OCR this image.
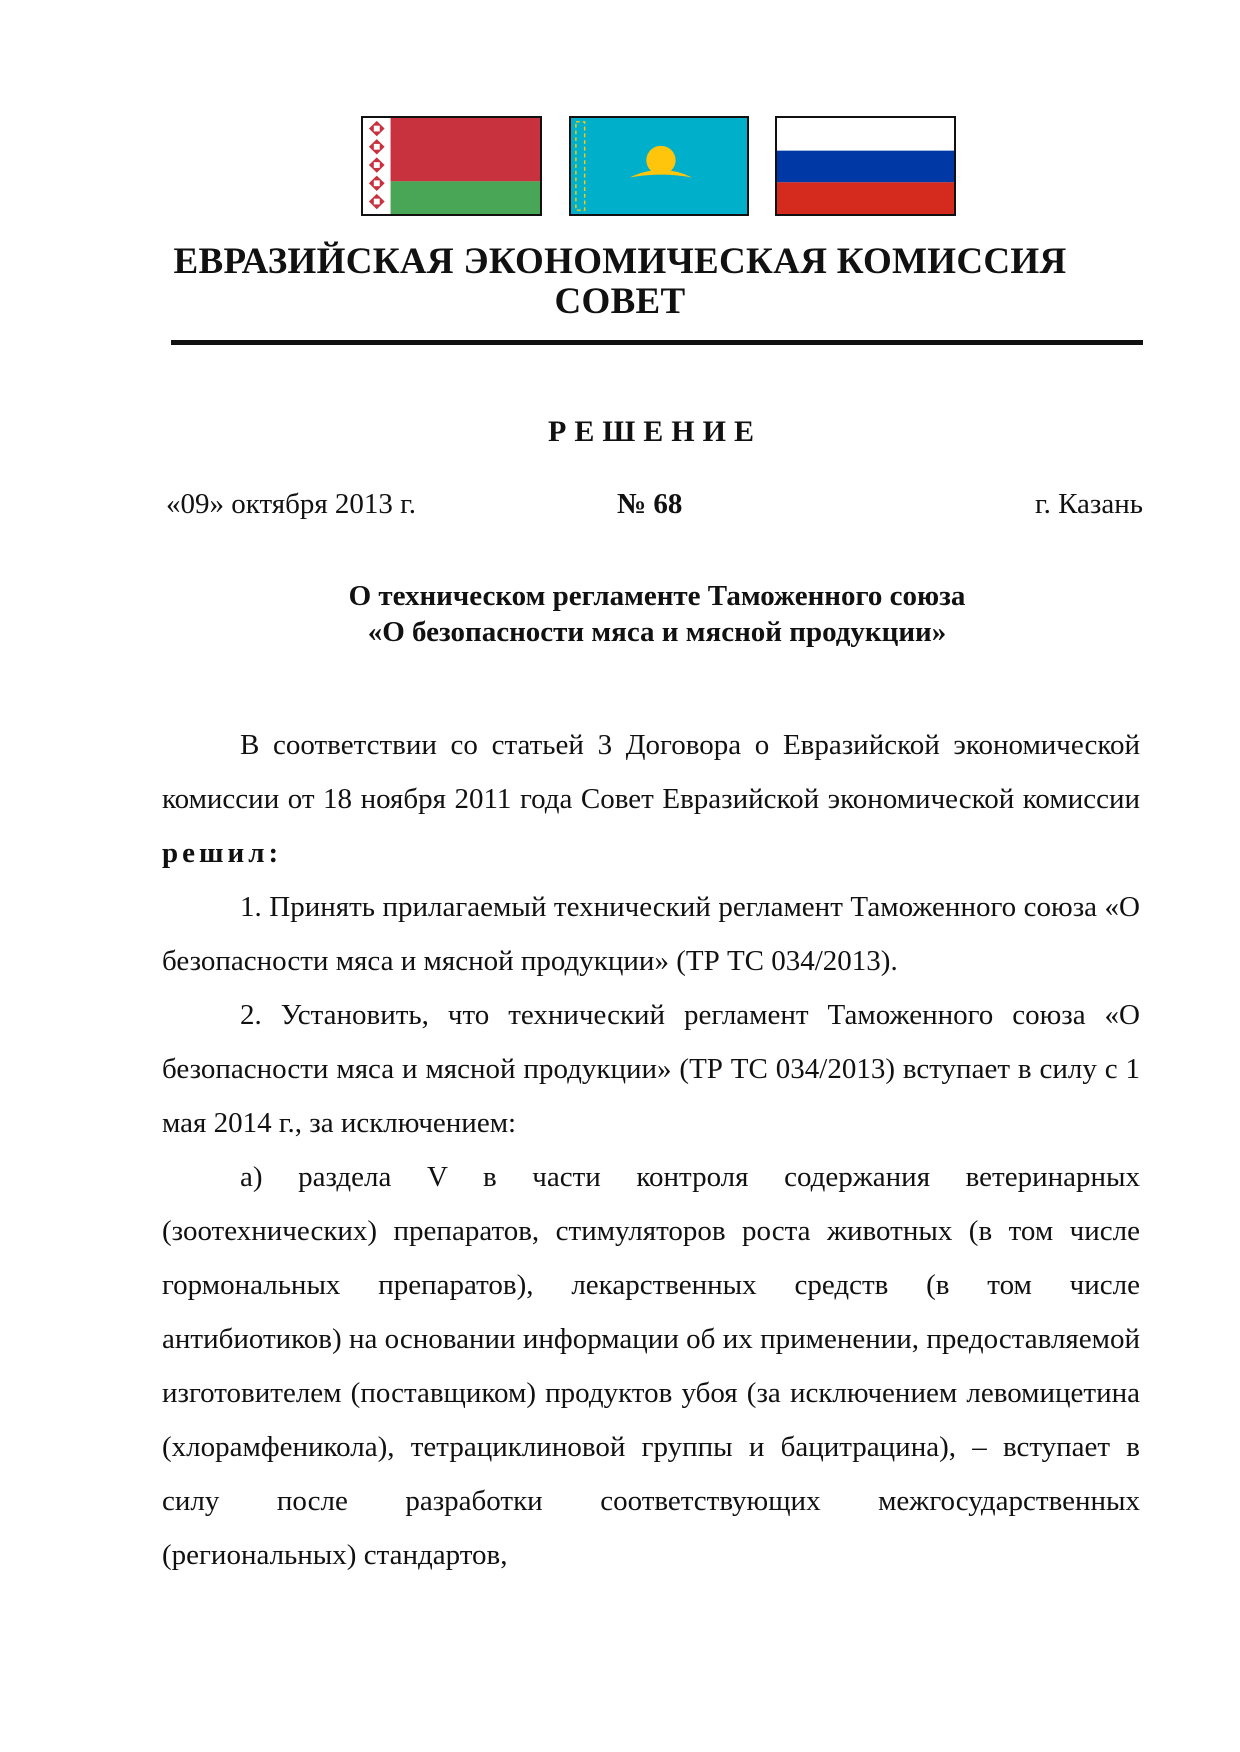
ЕВРАЗИЙСКАЯ ЭКОНОМИЧЕСКАЯ КОМИССИЯ
СОВЕТ
РЕШЕНИЕ
«09» октября 2013 г.	№ 68	г. Казань
О техническом регламенте Таможенного союза
«О безопасности мяса и мясной продукции»

В соответствии со статьей 3 Договора о Евразийской экономической комиссии от 18 ноября 2011 года Совет Евразийской экономической комиссии решил:

1. Принять прилагаемый технический регламент Таможенного союза «О безопасности мяса и мясной продукции» (ТР ТС 034/2013).

2. Установить, что технический регламент Таможенного союза «О безопасности мяса и мясной продукции» (ТР ТС 034/2013) вступает в силу с 1 мая 2014 г., за исключением:

а) раздела V в части контроля содержания ветеринарных (зоотехнических) препаратов, стимуляторов роста животных (в том числе гормональных препаратов), лекарственных средств (в том числе антибиотиков) на основании информации об их применении, предоставляемой изготовителем (поставщиком) продуктов убоя (за исключением левомицетина (хлорамфеникола), тетрациклиновой группы и бацитрацина), – вступает в силу после разработки соответствующих межгосударственных (региональных) стандартов,
